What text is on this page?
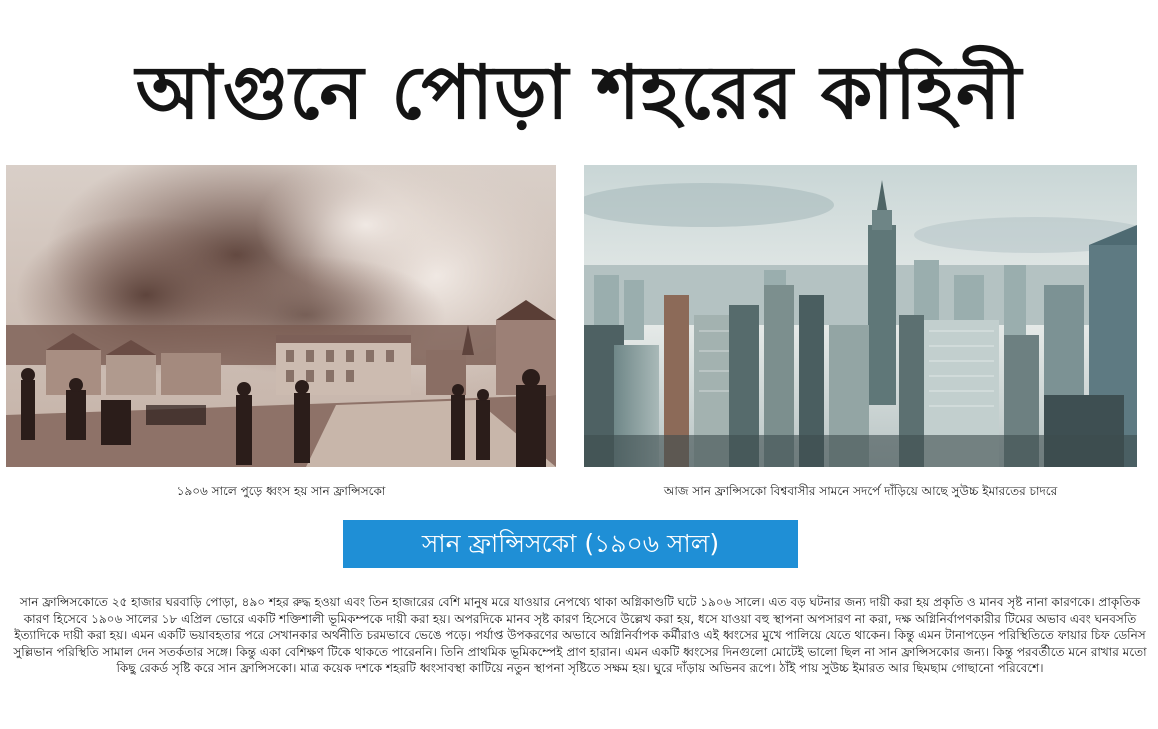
আগুনে পোড়া শহরের কাহিনী
১৯০৬ সালে পুড়ে ধ্বংস হয় সান ফ্রান্সিসকো	আজ সান ফ্রান্সিসকো বিশ্ববাসীর সামনে সদর্পে দাঁড়িয়ে আছে সুউচ্চ ইমারতের চাদরে
সান ফ্রান্সিসকো (১৯০৬ সাল)
সান ফ্রান্সিসকোতে ২৫ হাজার ঘরবাড়ি পোড়া, ৪৯০ শহর রুদ্ধ হওয়া এবং তিন হাজারের বেশি মানুষ মরে যাওয়ার নেপথ্যে থাকা অগ্নিকাণ্ডটি ঘটে ১৯০৬ সালে। এত বড় ঘটনার জন্য দায়ী করা হয় প্রকৃতি ও মানব সৃষ্ট নানা কারণকে। প্রাকৃতিক কারণ হিসেবে ১৯০৬ সালের ১৮ এপ্রিল ভোরে একটি শক্তিশালী ভূমিকম্পকে দায়ী করা হয়। অপরদিকে মানব সৃষ্ট কারণ হিসেবে উল্লেখ করা হয়, ধসে যাওয়া বহু স্থাপনা অপসারণ না করা, দক্ষ অগ্নিনির্বাপণকারীর টিমের অভাব এবং ঘনবসতি ইত্যাদিকে দায়ী করা হয়। এমন একটি ভয়াবহতার পরে সেখানকার অর্থনীতি চরমভাবে ভেঙে পড়ে। পর্যাপ্ত উপকরণের অভাবে অগ্নিনির্বাপক কর্মীরাও এই ধ্বংসের মুখে পালিয়ে যেতে থাকেন। কিন্তু এমন টানাপড়েন পরিস্থিতিতে ফায়ার চিফ ডেনিস সুল্লিভান পরিস্থিতি সামাল দেন সতর্কতার সঙ্গে। কিন্তু একা বেশিক্ষণ টিকে থাকতে পারেননি। তিনি প্রাথমিক ভূমিকম্পেই প্রাণ হারান। এমন একটি ধ্বংসের দিনগুলো মোটেই ভালো ছিল না সান ফ্রান্সিসকোর জন্য। কিন্তু পরবর্তীতে মনে রাখার মতো কিছু রেকর্ড সৃষ্টি করে সান ফ্রান্সিসকো। মাত্র কয়েক দশকে শহরটি ধ্বংসাবস্থা কাটিয়ে নতুন স্থাপনা সৃষ্টিতে সক্ষম হয়। ঘুরে দাঁড়ায় অভিনব রূপে। ঠাঁই পায় সুউচ্চ ইমারত আর ছিমছাম গোছানো পরিবেশে।
